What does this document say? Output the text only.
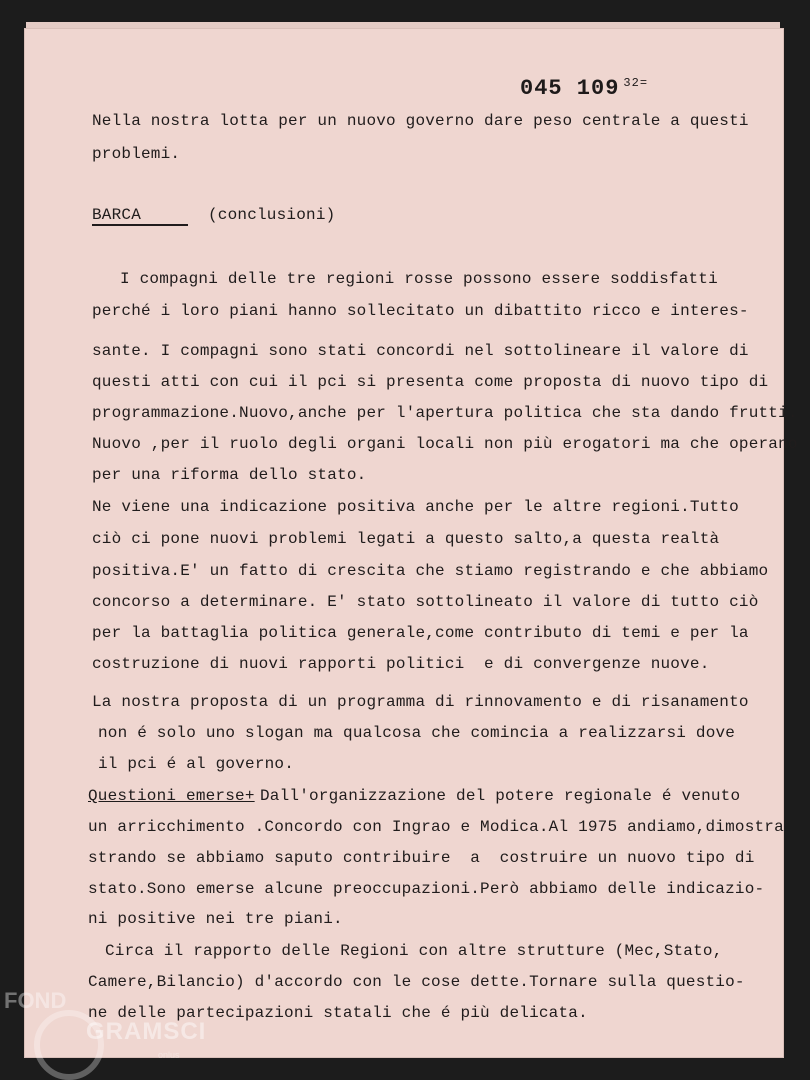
045 109 $^{32=}$
Nella nostra lotta per un nuovo governo dare peso centrale a questi
problemi.
BARCA	(conclusioni)
I compagni delle tre regioni rosse possono essere soddisfatti
perché i loro piani hanno sollecitato un dibattito ricco e interes-
sante. I compagni sono stati concordi nel sottolineare il valore di
questi atti con cui il pci si presenta come proposta di nuovo tipo di
programmazione.Nuovo,anche per l'apertura politica che sta dando frutti.
Nuovo ,per il ruolo degli organi locali non più erogatori ma che operano
per una riforma dello stato.
Ne viene una indicazione positiva anche per le altre regioni.Tutto
ciò ci pone nuovi problemi legati a questo salto,a questa realtà
positiva.E' un fatto di crescita che stiamo registrando e che abbiamo
concorso a determinare. E' stato sottolineato il valore di tutto ciò
per la battaglia politica generale,come contributo di temi e per la
costruzione di nuovi rapporti politici  e di convergenze nuove.
La nostra proposta di un programma di rinnovamento e di risanamento
non é solo uno slogan ma qualcosa che comincia a realizzarsi dove
il pci é al governo.
Questioni emerse+ Dall'organizzazione del potere regionale é venuto
un arricchimento .Concordo con Ingrao e Modica.Al 1975 andiamo,dimostra
strando se abbiamo saputo contribuire  a  costruire un nuovo tipo di
stato.Sono emerse alcune preoccupazioni.Però abbiamo delle indicazio-
ni positive nei tre piani.
Circa il rapporto delle Regioni con altre strutture (Mec,Stato,
Camere,Bilancio) d'accordo con le cose dette.Tornare sulla questio-
ne delle partecipazioni statali che é più delicata.
FOND
GRAMSCI
onlus
